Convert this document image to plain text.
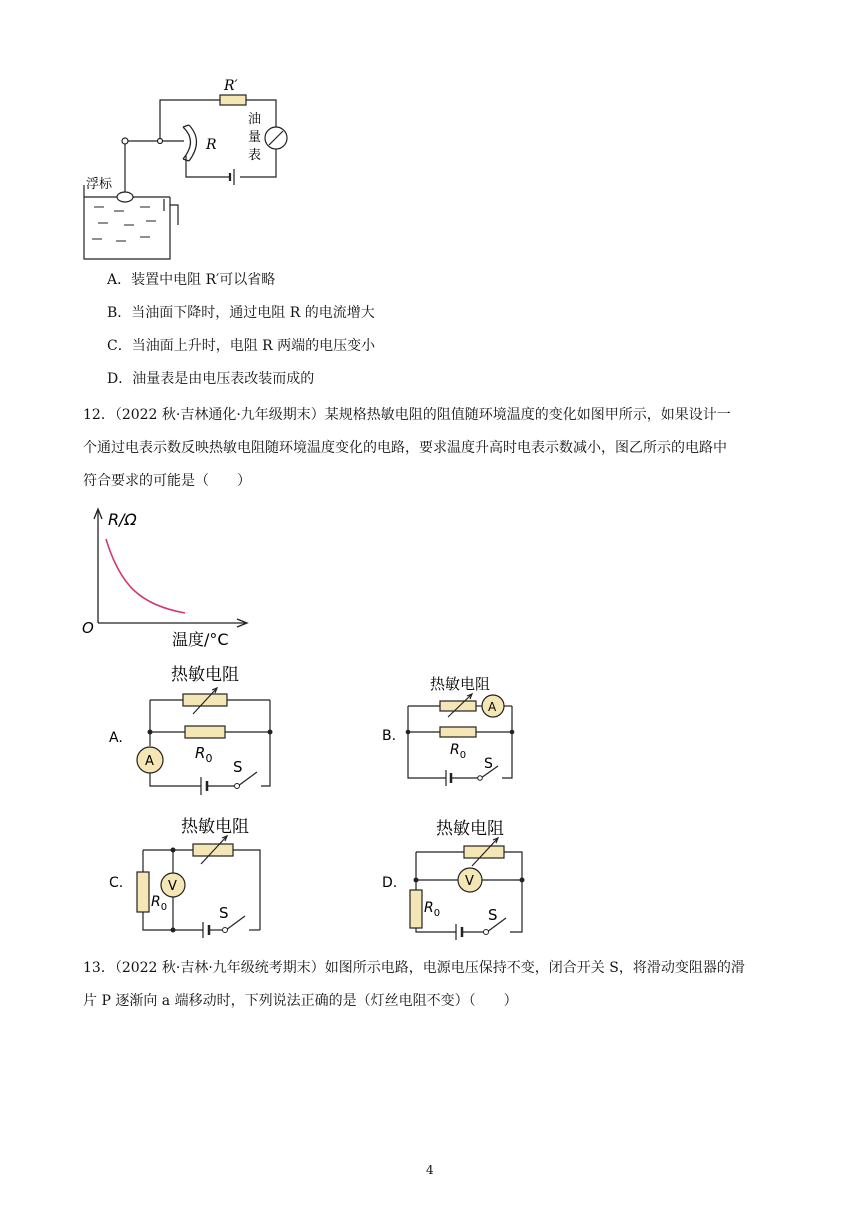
R′
R
油
量
表
浮标
A．装置中电阻 R′可以省略
B．当油面下降时，通过电阻 R 的电流增大
C．当油面上升时，电阻 R 两端的电压变小
D．油量表是由电压表改装而成的
12．（2022 秋·吉林通化·九年级期末）某规格热敏电阻的阻值随环境温度的变化如图甲所示，如果设计一
个通过电表示数反映热敏电阻随环境温度变化的电路，要求温度升高时电表示数减小，图乙所示的电路中
符合要求的可能是（　　）
R/Ω
O
温度/°C
A.
热敏电阻
A	$R_0$ S
B.
热敏电阻
A
$R_0$
S
C.
热敏电阻
V
$R_0$	S
D.
热敏电阻
V
$R_0$	S
13．（2022 秋·吉林·九年级统考期末）如图所示电路，电源电压保持不变，闭合开关 S，将滑动变阻器的滑
片 P 逐渐向 a 端移动时，下列说法正确的是（灯丝电阻不变）（　　）
4
